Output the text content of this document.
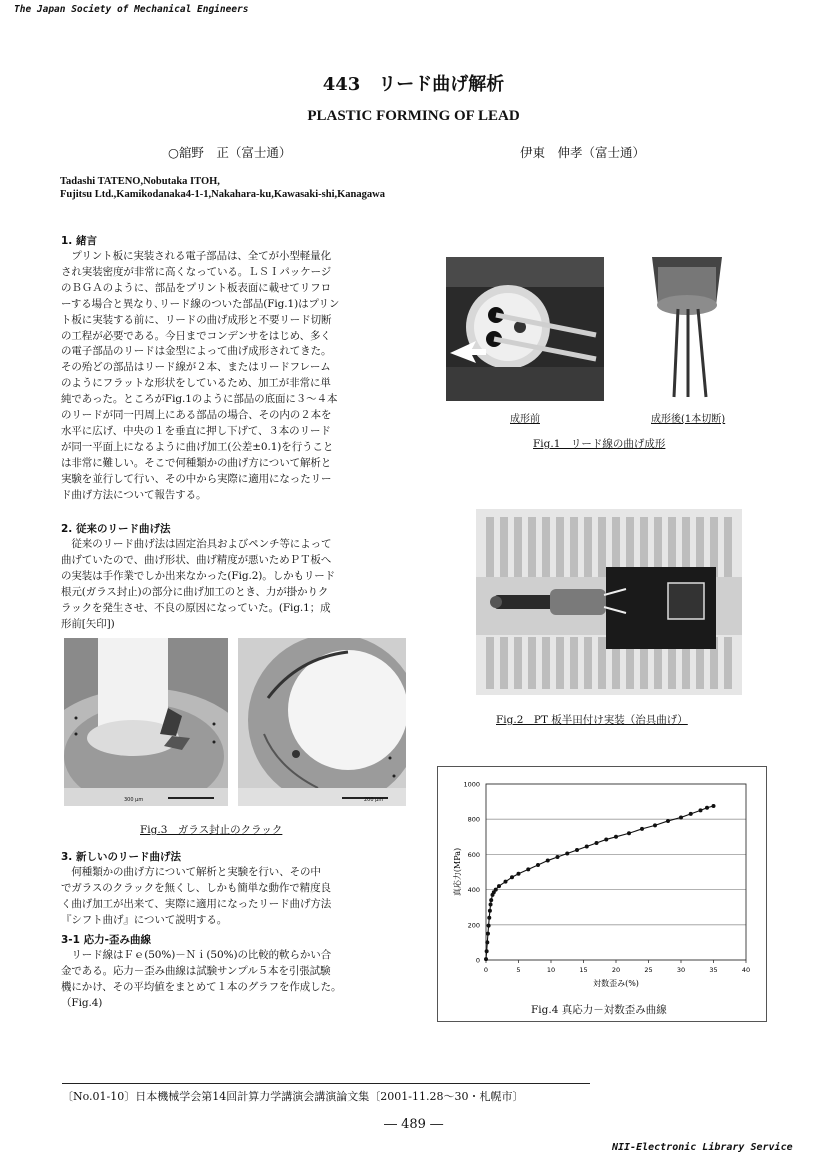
The Japan Society of Mechanical Engineers
443　リード曲げ解析
PLASTIC FORMING OF LEAD
○舘野　正（富士通）	伊東　伸孝（富士通）
Tadashi TATENO,Nobutaka ITOH,
Fujitsu Ltd.,Kamikodanaka4-1-1,Nakahara-ku,Kawasaki-shi,Kanagawa
1. 緒言
　プリント板に実装される電子部品は、全てが小型軽量化
され実装密度が非常に高くなっている。ＬＳＩパッケージ
のＢＧＡのように、部品をプリント板表面に載せてリフロ
ーする場合と異なり､リード線のついた部品(Fig.1)はプリン
ト板に実装する前に、リードの曲げ成形と不要リード切断
の工程が必要である。今日までコンデンサをはじめ、多く
の電子部品のリードは金型によって曲げ成形されてきた。
その殆どの部品はリード線が２本、またはリードフレーム
のようにフラットな形状をしているため、加工が非常に単
純であった。ところがFig.1のように部品の底面に３～４本
のリードが同一円周上にある部品の場合、その内の２本を
水平に広げ、中央の１を垂直に押し下げて、３本のリード
が同一平面上になるように曲げ加工(公差±0.1)を行うこと
は非常に難しい。そこで何種類かの曲げ方について解析と
実験を並行して行い、その中から実際に適用になったリー
ド曲げ方法について報告する。
2. 従来のリード曲げ法
　従来のリード曲げ法は固定治具およびペンチ等によって
曲げていたので、曲げ形状、曲げ精度が悪いためＰＴ板へ
の実装は手作業でしか出来なかった(Fig.2)。しかもリード
根元(ガラス封止)の部分に曲げ加工のとき、力が掛かりク
ラックを発生させ、不良の原因になっていた。(Fig.1；成
形前[矢印])
300 μm	200 μm
Fig.3　ガラス封止のクラック
3. 新しいのリード曲げ法
　何種類かの曲げ方について解析と実験を行い、その中
でガラスのクラックを無くし、しかも簡単な動作で精度良
く曲げ加工が出来て、実際に適用になったリード曲げ方法
『シフト曲げ』について説明する。
3-1 応力-歪み曲線
　リード線はＦｅ(50%)－Ｎｉ(50%)の比較的軟らかい合
金である。応力－歪み曲線は試験サンプル５本を引張試験
機にかけ、その平均値をまとめて１本のグラフを作成した。
（Fig.4)
成形前	成形後(1本切断)
Fig.1　リード線の曲げ成形
Fig.2　PT 板半田付け実装（治具曲げ）
0
200
400
600
800
1000
0	5	10	15	20	25	30	35	40
対数歪み(%)
真応力(MPa)
Fig.4 真応力－対数歪み曲線
〔No.01-10〕日本機械学会第14回計算力学講演会講演論文集〔2001-11.28～30・札幌市〕
― 489 ―
NII-Electronic Library Service
